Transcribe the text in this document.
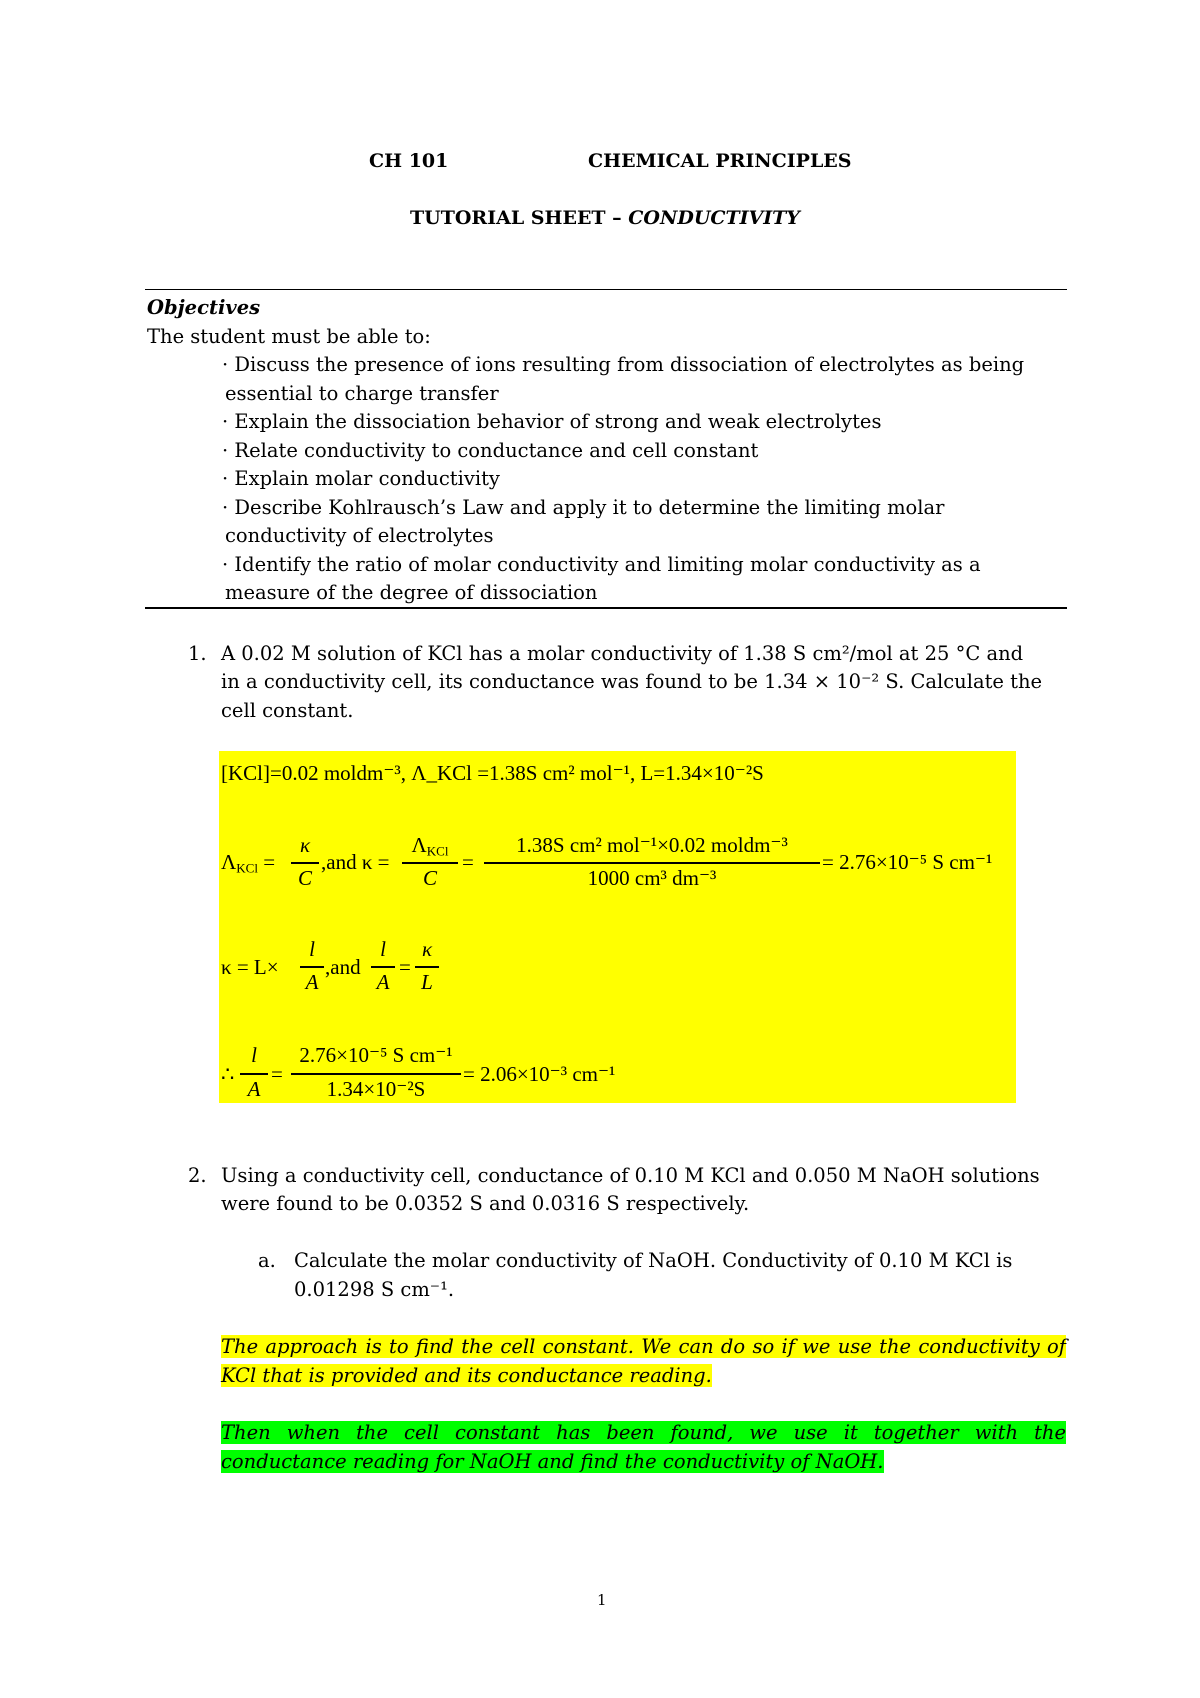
CH 101	CHEMICAL PRINCIPLES
TUTORIAL SHEET – CONDUCTIVITY
Objectives
The student must be able to:
· Discuss the presence of ions resulting from dissociation of electrolytes as being
essential to charge transfer
· Explain the dissociation behavior of strong and weak electrolytes
· Relate conductivity to conductance and cell constant
· Explain molar conductivity
· Describe Kohlrausch’s Law and apply it to determine the limiting molar
conductivity of electrolytes
· Identify the ratio of molar conductivity and limiting molar conductivity as a
measure of the degree of dissociation
1. A 0.02 M solution of KCl has a molar conductivity of 1.38 S cm²/mol at 25 °C and
in a conductivity cell, its conductance was found to be 1.34 × 10⁻² S. Calculate the
cell constant.
[KCl]=0.02 moldm⁻³, Λ_KCl =1.38S cm² mol⁻¹, L=1.34×10⁻²S
$\Lambda_{KCl}$ =
κ
C
,and κ =
$\Lambda_{KCl}$
C
=
1.38S cm² mol⁻¹×0.02 moldm⁻³
1000 cm³ dm⁻³
= 2.76×10⁻⁵ S cm⁻¹
κ = L×
l
A
,and
l
A
=
κ
L
∴
l
A
=
2.76×10⁻⁵ S cm⁻¹
1.34×10⁻²S
= 2.06×10⁻³ cm⁻¹
2. Using a conductivity cell, conductance of 0.10 M KCl and 0.050 M NaOH solutions
were found to be 0.0352 S and 0.0316 S respectively.
a. Calculate the molar conductivity of NaOH. Conductivity of 0.10 M KCl is
0.01298 S cm⁻¹.
The approach is to find the cell constant. We can do so if we use the conductivity of KCl that is provided and its conductance reading.
Then when the cell constant has been found, we use it together with the conductance reading for NaOH and find the conductivity of NaOH.
1
